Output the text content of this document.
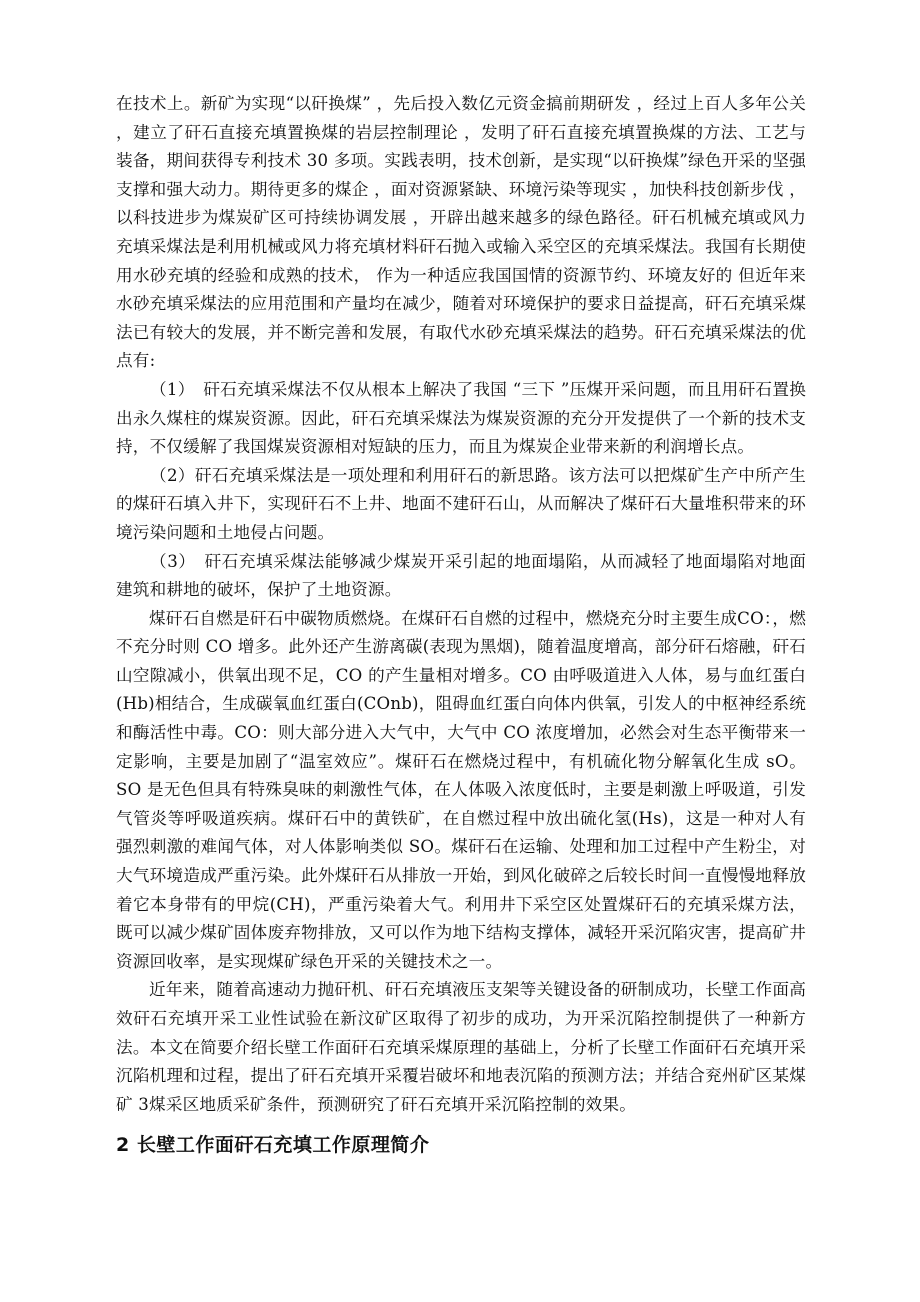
在技术上。新矿为实现“以矸换煤” ，先后投入数亿元资金搞前期研发 ，经过上百人多年公关 ，建立了矸石直接充填置换煤的岩层控制理论 ，发明了矸石直接充填置换煤的方法、工艺与装备，期间获得专利技术 30 多项。实践表明，技术创新，是实现“以矸换煤”绿色开采的坚强支撑和强大动力。期待更多的煤企 ，面对资源紧缺、环境污染等现实 ，加快科技创新步伐 ，以科技进步为煤炭矿区可持续协调发展 ，开辟出越来越多的绿色路径。矸石机械充填或风力充填采煤法是利用机械或风力将充填材料矸石抛入或输入采空区的充填采煤法。我国有长期使用水砂充填的经验和成熟的技术， 作为一种适应我国国情的资源节约、环境友好的 但近年来水砂充填采煤法的应用范围和产量均在减少，随着对环境保护的要求日益提高，矸石充填采煤法已有较大的发展，并不断完善和发展，有取代水砂充填采煤法的趋势。矸石充填采煤法的优点有:

（1）　矸石充填采煤法不仅从根本上解决了我国 “三下 ”压煤开采问题，而且用矸石置换出永久煤柱的煤炭资源。因此，矸石充填采煤法为煤炭资源的充分开发提供了一个新的技术支持，不仅缓解了我国煤炭资源相对短缺的压力，而且为煤炭企业带来新的利润增长点。

（2）矸石充填采煤法是一项处理和利用矸石的新思路。该方法可以把煤矿生产中所产生的煤矸石填入井下，实现矸石不上井、地面不建矸石山，从而解决了煤矸石大量堆积带来的环境污染问题和土地侵占问题。

（3）　矸石充填采煤法能够减少煤炭开采引起的地面塌陷，从而减轻了地面塌陷对地面建筑和耕地的破坏，保护了土地资源。

煤矸石自燃是矸石中碳物质燃烧。在煤矸石自燃的过程中，燃烧充分时主要生成CO：，燃不充分时则 CO 增多。此外还产生游离碳(表现为黑烟)，随着温度增高，部分矸石熔融，矸石山空隙减小，供氧出现不足，CO 的产生量相对增多。CO 由呼吸道进入人体，易与血红蛋白(Hb)相结合，生成碳氧血红蛋白(COnb)，阻碍血红蛋白向体内供氧，引发人的中枢神经系统和酶活性中毒。CO：则大部分进入大气中，大气中 CO 浓度增加，必然会对生态平衡带来一定影响，主要是加剧了“温室效应”。煤矸石在燃烧过程中，有机硫化物分解氧化生成 sO。SO 是无色但具有特殊臭味的刺激性气体，在人体吸入浓度低时，主要是刺激上呼吸道，引发气管炎等呼吸道疾病。煤矸石中的黄铁矿，在自燃过程中放出硫化氢(Hs)，这是一种对人有强烈刺激的难闻气体，对人体影响类似 SO。煤矸石在运输、处理和加工过程中产生粉尘，对大气环境造成严重污染。此外煤矸石从排放一开始，到风化破碎之后较长时间一直慢慢地释放着它本身带有的甲烷(CH)，严重污染着大气。利用井下采空区处置煤矸石的充填采煤方法，既可以减少煤矿固体废弃物排放，又可以作为地下结构支撑体，减轻开采沉陷灾害，提高矿井资源回收率，是实现煤矿绿色开采的关键技术之一。

近年来，随着高速动力抛矸机、矸石充填液压支架等关键设备的研制成功，长壁工作面高效矸石充填开采工业性试验在新汶矿区取得了初步的成功，为开采沉陷控制提供了一种新方法。本文在简要介绍长壁工作面矸石充填采煤原理的基础上，分析了长壁工作面矸石充填开采沉陷机理和过程，提出了矸石充填开采覆岩破坏和地表沉陷的预测方法；并结合兖州矿区某煤矿 3煤采区地质采矿条件，预测研究了矸石充填开采沉陷控制的效果。

2 长壁工作面矸石充填工作原理简介
